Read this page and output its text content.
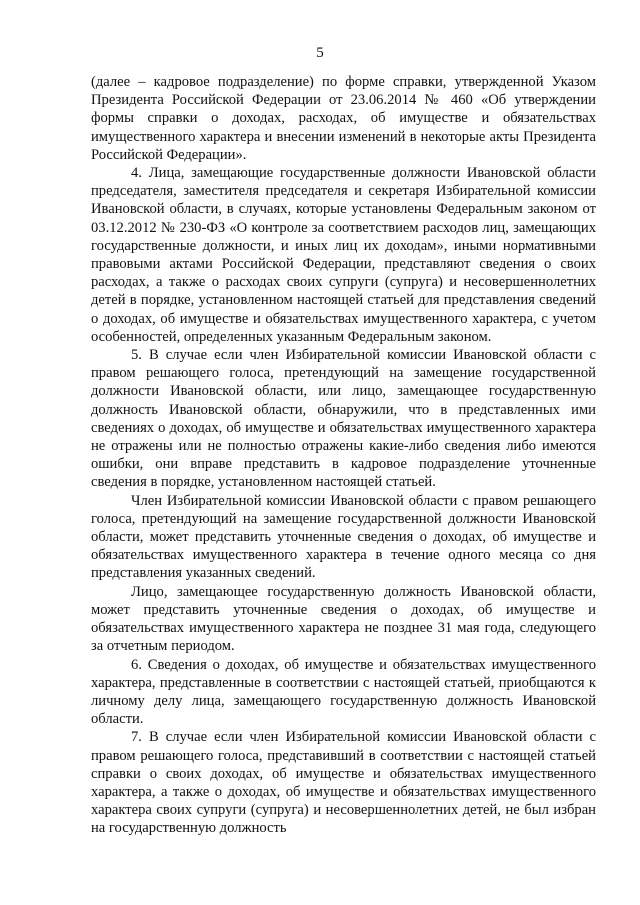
5

(далее – кадровое подразделение) по форме справки, утвержденной Указом Президента Российской Федерации от 23.06.2014 № 460 «Об утверждении формы справки о доходах, расходах, об имуществе и обязательствах имущественного характера и внесении изменений в некоторые акты Президента Российской Федерации».

4. Лица, замещающие государственные должности Ивановской области председателя, заместителя председателя и секретаря Избирательной комиссии Ивановской области, в случаях, которые установлены Федеральным законом от 03.12.2012 № 230-ФЗ «О контроле за соответствием расходов лиц, замещающих государственные должности, и иных лиц их доходам», иными нормативными правовыми актами Российской Федерации, представляют сведения о своих расходах, а также о расходах своих супруги (супруга) и несовершеннолетних детей в порядке, установленном настоящей статьей для представления сведений о доходах, об имуществе и обязательствах имущественного характера, с учетом особенностей, определенных указанным Федеральным законом.

5. В случае если член Избирательной комиссии Ивановской области с правом решающего голоса, претендующий на замещение государственной должности Ивановской области, или лицо, замещающее государственную должность Ивановской области, обнаружили, что в представленных ими сведениях о доходах, об имуществе и обязательствах имущественного характера не отражены или не полностью отражены какие-либо сведения либо имеются ошибки, они вправе представить в кадровое подразделение уточненные сведения в порядке, установленном настоящей статьей.

Член Избирательной комиссии Ивановской области с правом решающего голоса, претендующий на замещение государственной должности Ивановской области, может представить уточненные сведения о доходах, об имуществе и обязательствах имущественного характера в течение одного месяца со дня представления указанных сведений.

Лицо, замещающее государственную должность Ивановской области, может представить уточненные сведения о доходах, об имуществе и обязательствах имущественного характера не позднее 31 мая года, следующего за отчетным периодом.

6. Сведения о доходах, об имуществе и обязательствах имущественного характера, представленные в соответствии с настоящей статьей, приобщаются к личному делу лица, замещающего государственную должность Ивановской области.

7. В случае если член Избирательной комиссии Ивановской области с правом решающего голоса, представивший в соответствии с настоящей статьей справки о своих доходах, об имуществе и обязательствах имущественного характера, а также о доходах, об имуществе и обязательствах имущественного характера своих супруги (супруга) и несовершеннолетних детей, не был избран на государственную должность
